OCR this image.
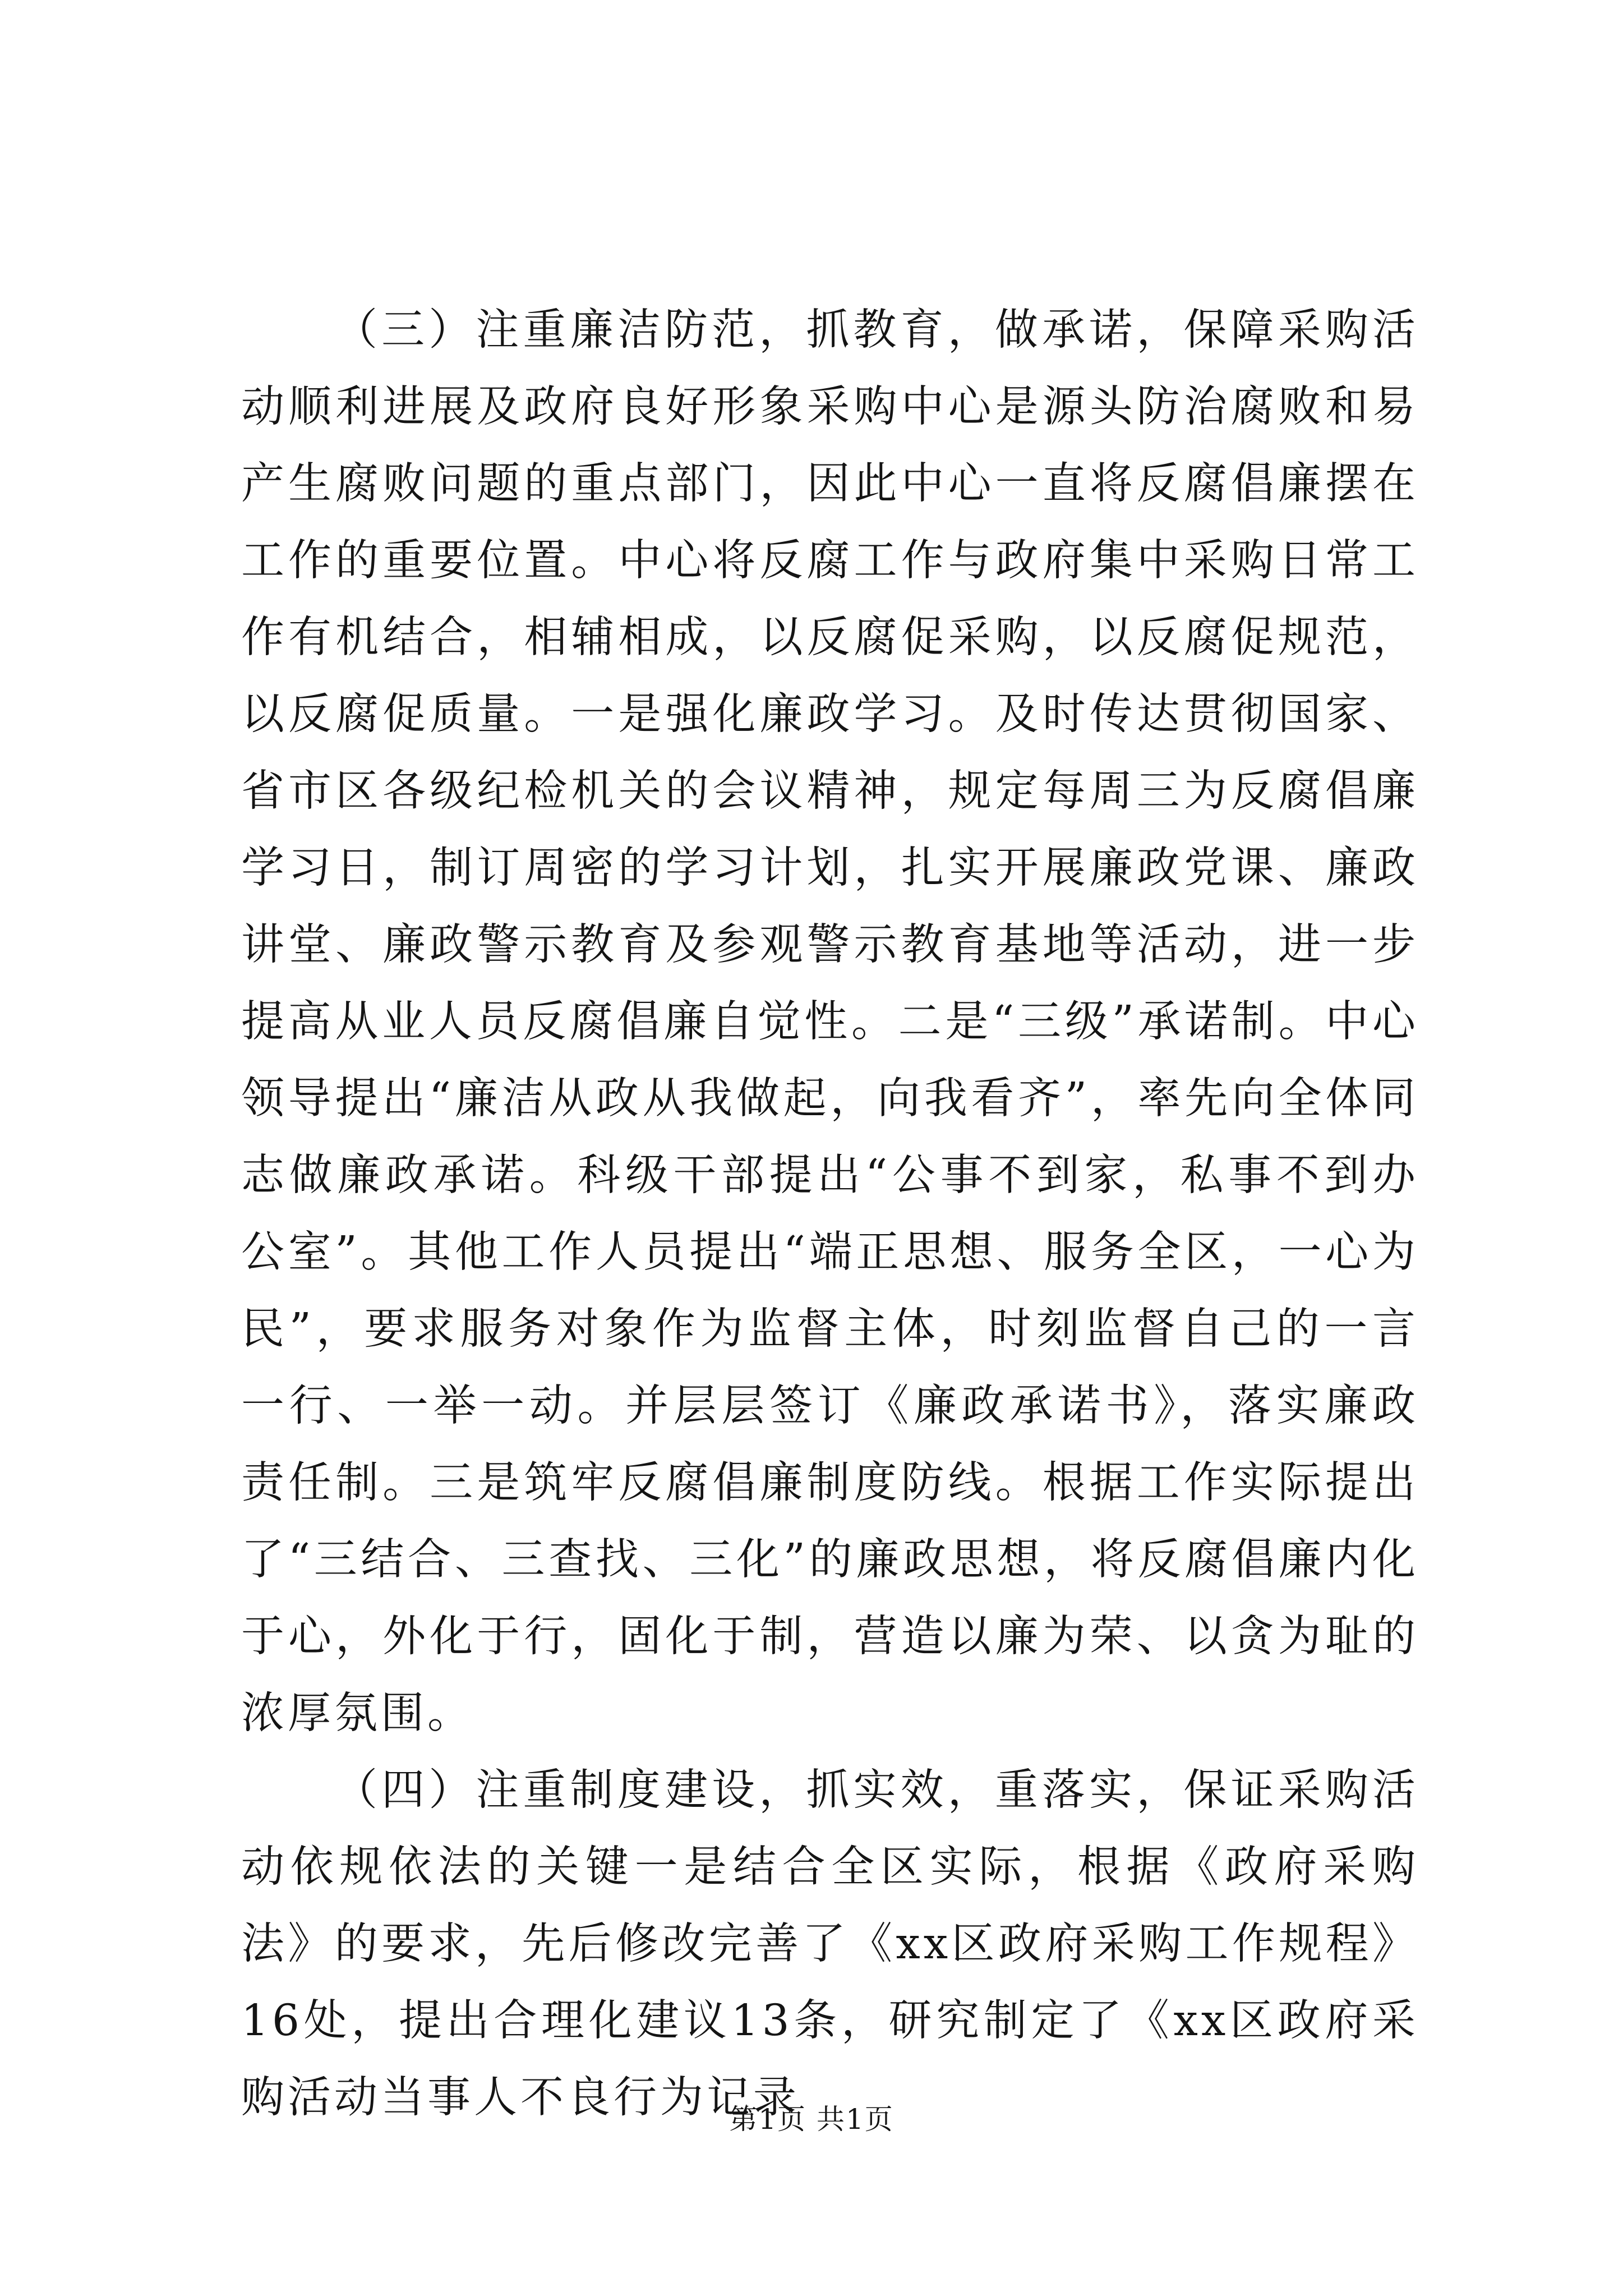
（三）注重廉洁防范，抓教育，做承诺，保障采购活动顺利进展及政府良好形象采购中心是源头防治腐败和易产生腐败问题的重点部门，因此中心一直将反腐倡廉摆在工作的重要位置。中心将反腐工作与政府集中采购日常工作有机结合，相辅相成，以反腐促采购，以反腐促规范，以反腐促质量。一是强化廉政学习。及时传达贯彻国家、省市区各级纪检机关的会议精神，规定每周三为反腐倡廉学习日，制订周密的学习计划，扎实开展廉政党课、廉政讲堂、廉政警示教育及参观警示教育基地等活动，进一步提高从业人员反腐倡廉自觉性。二是“三级”承诺制。中心领导提出“廉洁从政从我做起，向我看齐”，率先向全体同志做廉政承诺。科级干部提出“公事不到家，私事不到办公室”。其他工作人员提出“端正思想、服务全区，一心为民”，要求服务对象作为监督主体，时刻监督自己的一言一行、一举一动。并层层签订《廉政承诺书》，落实廉政责任制。三是筑牢反腐倡廉制度防线。根据工作实际提出了“三结合、三查找、三化”的廉政思想，将反腐倡廉内化于心，外化于行，固化于制，营造以廉为荣、以贪为耻的浓厚氛围。

（四）注重制度建设，抓实效，重落实，保证采购活动依规依法的关键一是结合全区实际，根据《政府采购法》的要求，先后修改完善了《xx区政府采购工作规程》16处，提出合理化建议13条，研究制定了《xx区政府采购活动当事人不良行为记录

第1页 共1页
